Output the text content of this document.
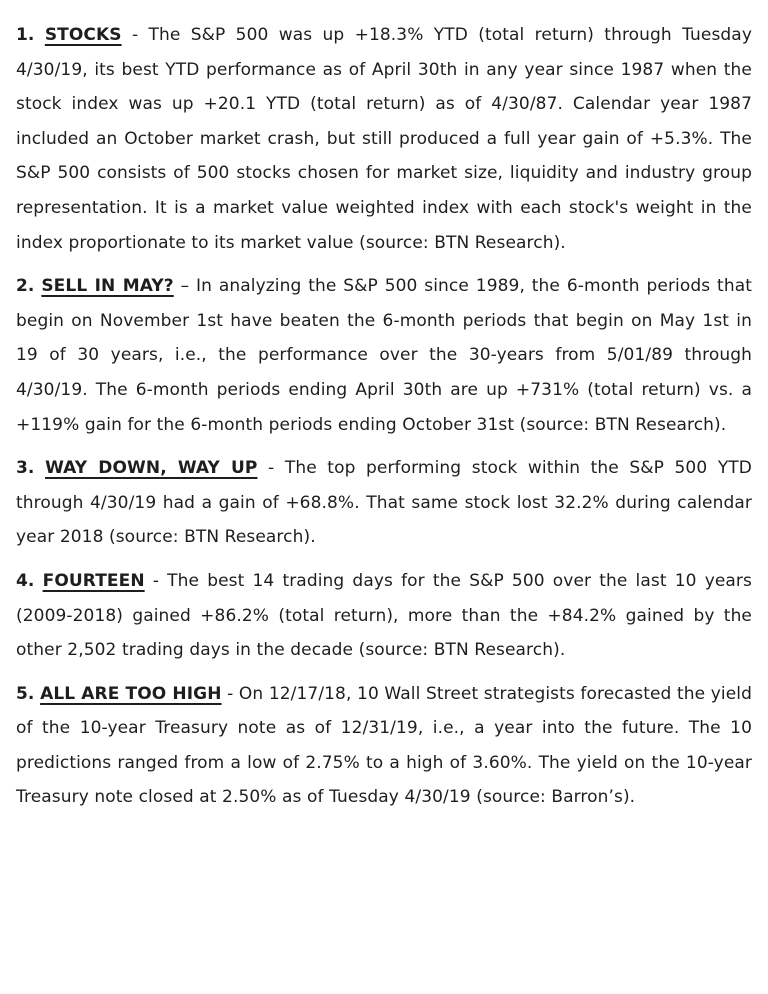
1. STOCKS - The S&P 500 was up +18.3% YTD (total return) through Tuesday 4/30/19, its best YTD performance as of April 30th in any year since 1987 when the stock index was up +20.1 YTD (total return) as of 4/30/87. Calendar year 1987 included an October market crash, but still produced a full year gain of +5.3%. The S&P 500 consists of 500 stocks chosen for market size, liquidity and industry group representation. It is a market value weighted index with each stock's weight in the index proportionate to its market value (source: BTN Research).

2. SELL IN MAY? – In analyzing the S&P 500 since 1989, the 6-month periods that begin on November 1st have beaten the 6-month periods that begin on May 1st in 19 of 30 years, i.e., the performance over the 30-years from 5/01/89 through 4/30/19. The 6-month periods ending April 30th are up +731% (total return) vs. a +119% gain for the 6-month periods ending October 31st (source: BTN Research).

3. WAY DOWN, WAY UP - The top performing stock within the S&P 500 YTD through 4/30/19 had a gain of +68.8%. That same stock lost 32.2% during calendar year 2018 (source: BTN Research).

4. FOURTEEN - The best 14 trading days for the S&P 500 over the last 10 years (2009-2018) gained +86.2% (total return), more than the +84.2% gained by the other 2,502 trading days in the decade (source: BTN Research).

5. ALL ARE TOO HIGH - On 12/17/18, 10 Wall Street strategists forecasted the yield of the 10-year Treasury note as of 12/31/19, i.e., a year into the future. The 10 predictions ranged from a low of 2.75% to a high of 3.60%. The yield on the 10-year Treasury note closed at 2.50% as of Tuesday 4/30/19 (source: Barron’s).
